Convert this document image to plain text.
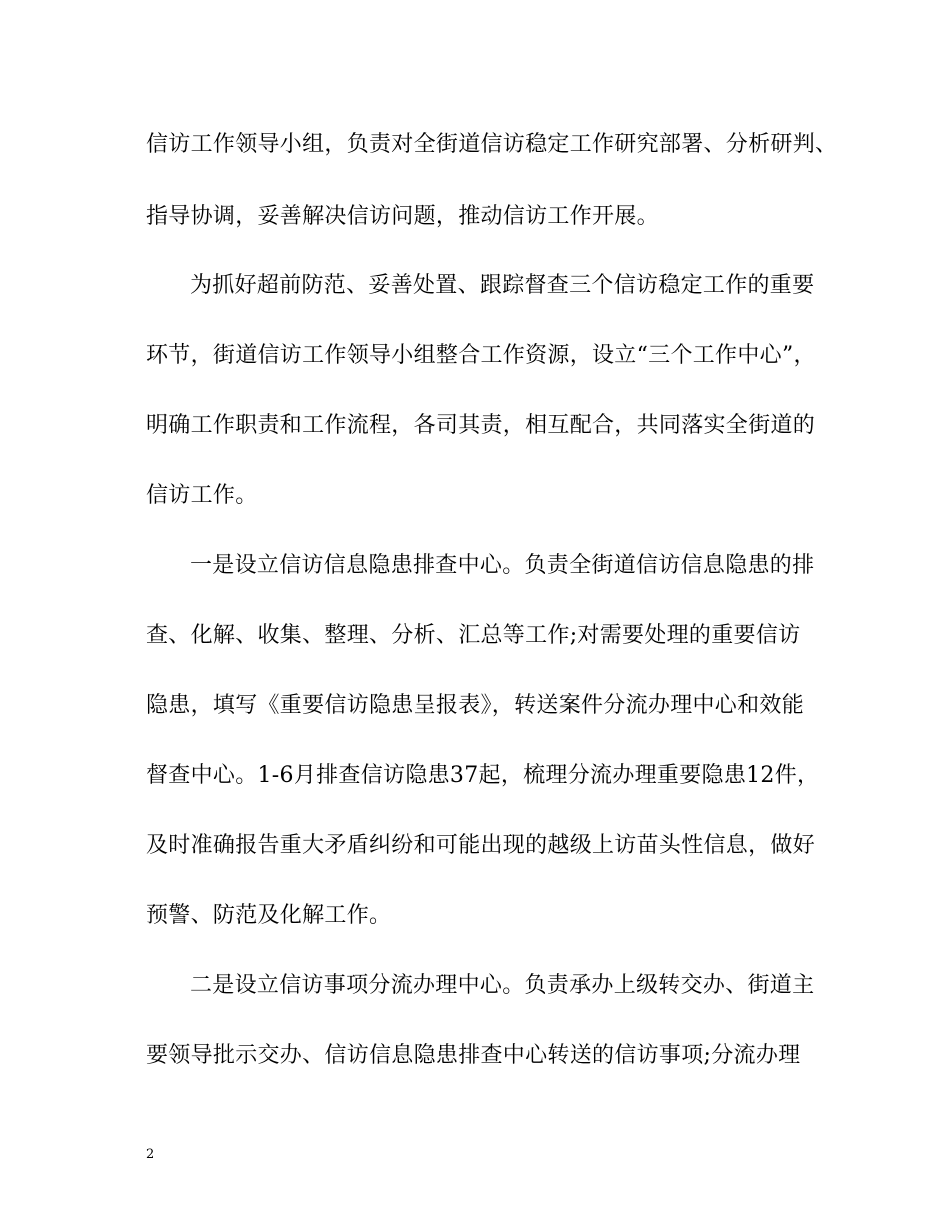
信访工作领导小组，负责对全街道信访稳定工作研究部署、分析研判、
指导协调，妥善解决信访问题，推动信访工作开展。
为抓好超前防范、妥善处置、跟踪督查三个信访稳定工作的重要
环节，街道信访工作领导小组整合工作资源，设立“三个工作中心”，
明确工作职责和工作流程，各司其责，相互配合，共同落实全街道的
信访工作。
一是设立信访信息隐患排查中心。负责全街道信访信息隐患的排
查、化解、收集、整理、分析、汇总等工作;对需要处理的重要信访
隐患，填写《重要信访隐患呈报表》，转送案件分流办理中心和效能
督查中心。1-6月排查信访隐患37起，梳理分流办理重要隐患12件，
及时准确报告重大矛盾纠纷和可能出现的越级上访苗头性信息，做好
预警、防范及化解工作。
二是设立信访事项分流办理中心。负责承办上级转交办、街道主
要领导批示交办、信访信息隐患排查中心转送的信访事项;分流办理
2
